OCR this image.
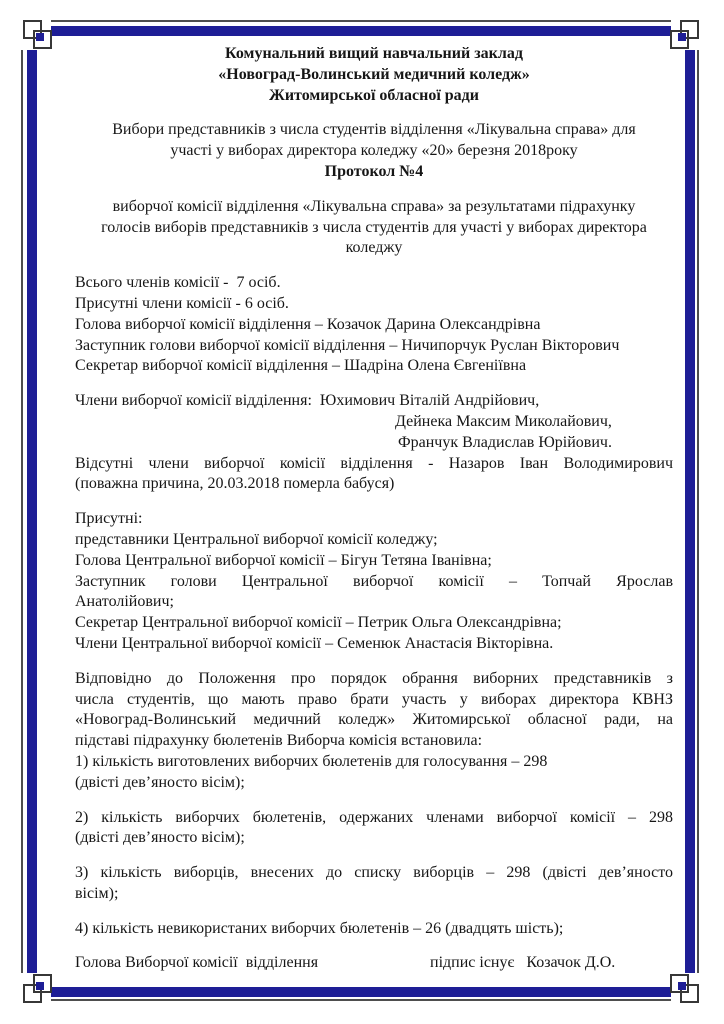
Комунальний вищий навчальний заклад
«Новоград-Волинський медичний коледж»
Житомирської обласної ради
Вибори представників з числа студентів відділення «Лікувальна справа» для
участі у виборах директора коледжу «20» березня 2018року
Протокол №4
виборчої комісії відділення «Лікувальна справа» за результатами підрахунку
голосів виборів представників з числа студентів для участі у виборах директора
коледжу
Всього членів комісії -  7 осіб.
Присутні члени комісії - 6 осіб.
Голова виборчої комісії відділення – Козачок Дарина Олександрівна
Заступник голови виборчої комісії відділення – Ничипорчук Руслан Вікторович
Секретар виборчої комісії відділення – Шадріна Олена Євгеніївна
Члени виборчої комісії відділення:  Юхимович Віталій Андрійович,
Дейнека Максим Миколайович,
Франчук Владислав Юрійович.
Відсутні члени виборчої комісії відділення - Назаров Іван Володимирович
(поважна причина, 20.03.2018 померла бабуся)
Присутні:
представники Центральної виборчої комісії коледжу;
Голова Центральної виборчої комісії – Бігун Тетяна Іванівна;
Заступник голови Центральної виборчої комісії – Топчай Ярослав
Анатолійович;
Секретар Центральної виборчої комісії – Петрик Ольга Олександрівна;
Члени Центральної виборчої комісії – Семенюк Анастасія Вікторівна.
Відповідно до Положення про порядок обрання виборних представників з
числа студентів, що мають право брати участь у виборах директора КВНЗ
«Новоград-Волинський медичний коледж» Житомирської обласної ради, на
підставі підрахунку бюлетенів Виборча комісія встановила:
1) кількість виготовлених виборчих бюлетенів для голосування – 298
(двісті дев’яносто вісім);
2) кількість виборчих бюлетенів, одержаних членами виборчої комісії – 298
(двісті дев’яносто вісім);
3) кількість виборців, внесених до списку виборців – 298 (двісті дев’яносто
вісім);
4) кількість невикористаних виборчих бюлетенів – 26 (двадцять шість);
Голова Виборчої комісії  відділення	підпис існує Козачок Д.О.
